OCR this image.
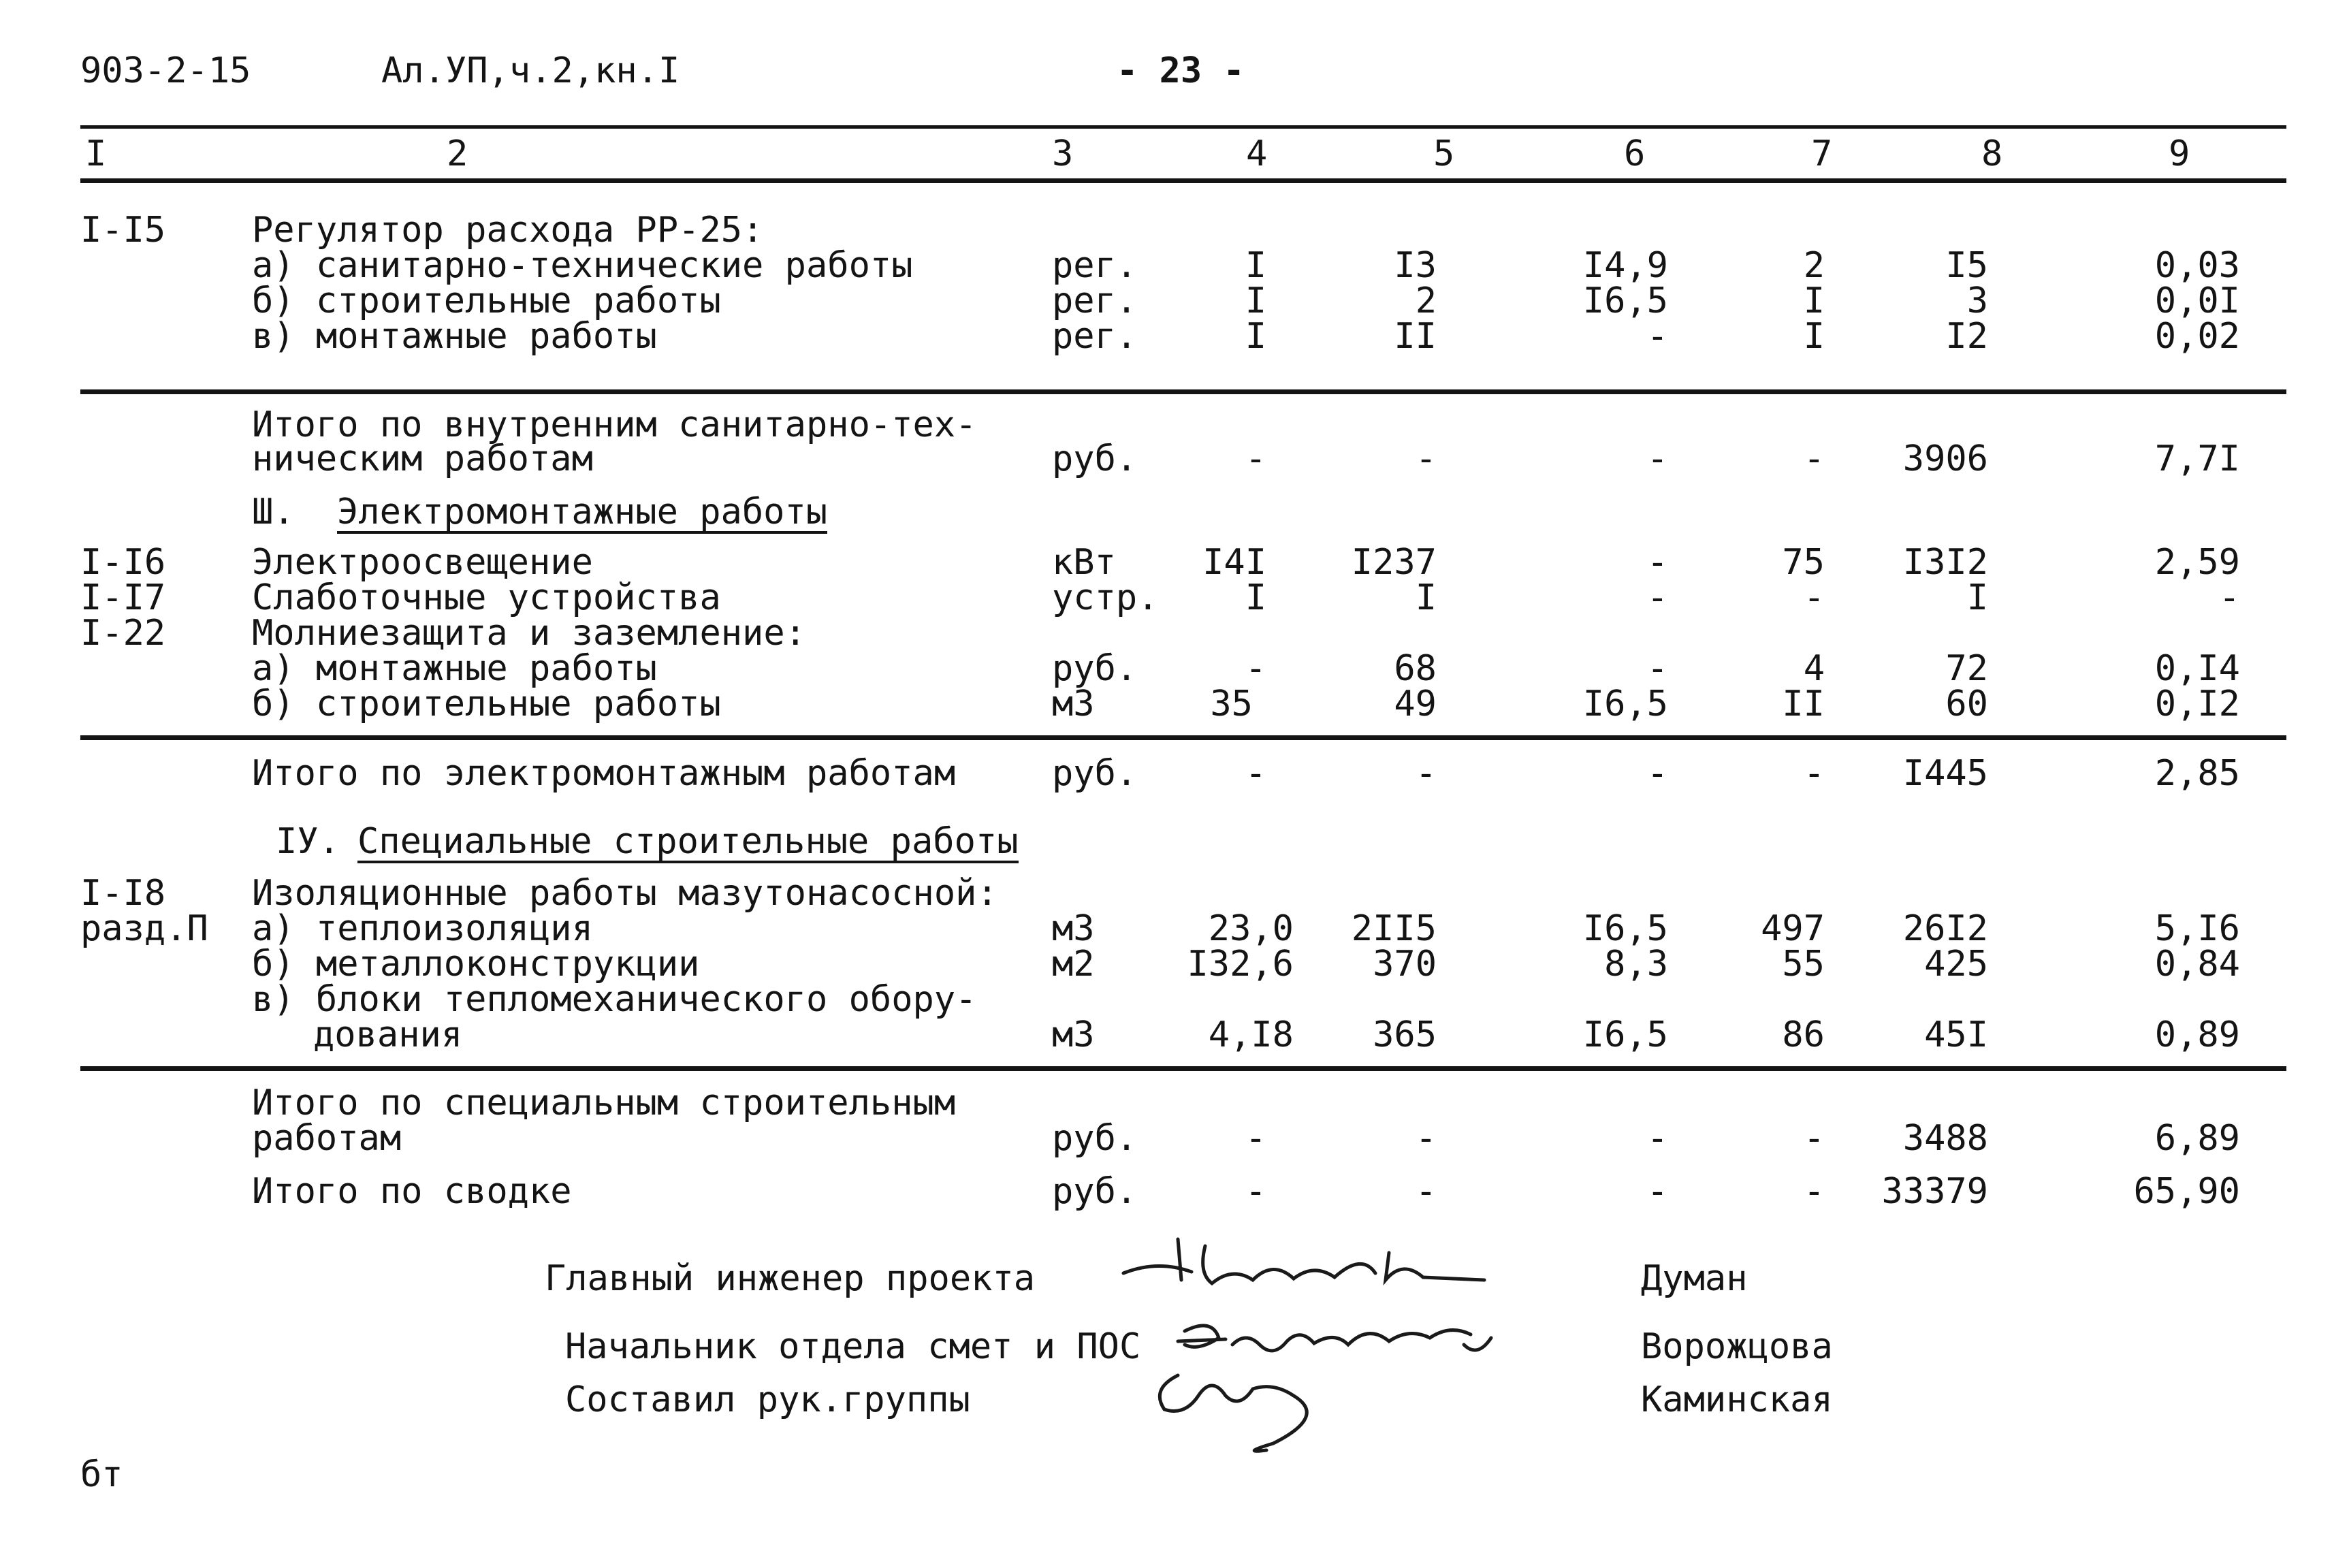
903-2-15	Ал.УП,ч.2,кн.I	- 23 -
I	2	3	4	5	6	7	8	9
I-I5 Регулятор расхода РР-25:
а) санитарно-технические работы	рег.	I	I3	I4,9	2	I5	0,03
б) строительные работы	рег.	I	2	I6,5	I	3	0,0I
в) монтажные работы	рег.	I	II	-	I	I2	0,02
Итого по внутренним санитарно-тех-
ническим работам	руб.	-	-	-	-	3906	7,7I
Ш. Электромонтажные работы
I-I6 Электроосвещение	кВт	I4I	I237	-	75	I3I2	2,59
I-I7 Слаботочные устройства	устр.	I	I	-	-	I	-
I-22 Молниезащита и заземление:
а) монтажные работы	руб.	-	68	-	4	72	0,I4
б) строительные работы	м3	35	49	I6,5	II	60	0,I2
Итого по электромонтажным работам	руб.	-	-	-	-	I445	2,85
IУ. Специальные строительные работы
I-I8
разд.П
Изоляционные работы мазутонасосной:
а) теплоизоляция	м3	23,0	2II5	I6,5	497	26I2	5,I6
б) металлоконструкции	м2	I32,6	370	8,3	55	425	0,84
в) блоки тепломеханического обору-
дования	м3	4,I8	365	I6,5	86	45I	0,89
Итого по специальным строительным
работам	руб.	-	-	-	-	3488	6,89
Итого по сводке	руб.	-	-	-	-	33379	65,90
Главный инженер проекта	Думан
Начальник отдела смет и ПОС	Ворожцова
Составил рук.группы	Каминская
бт
